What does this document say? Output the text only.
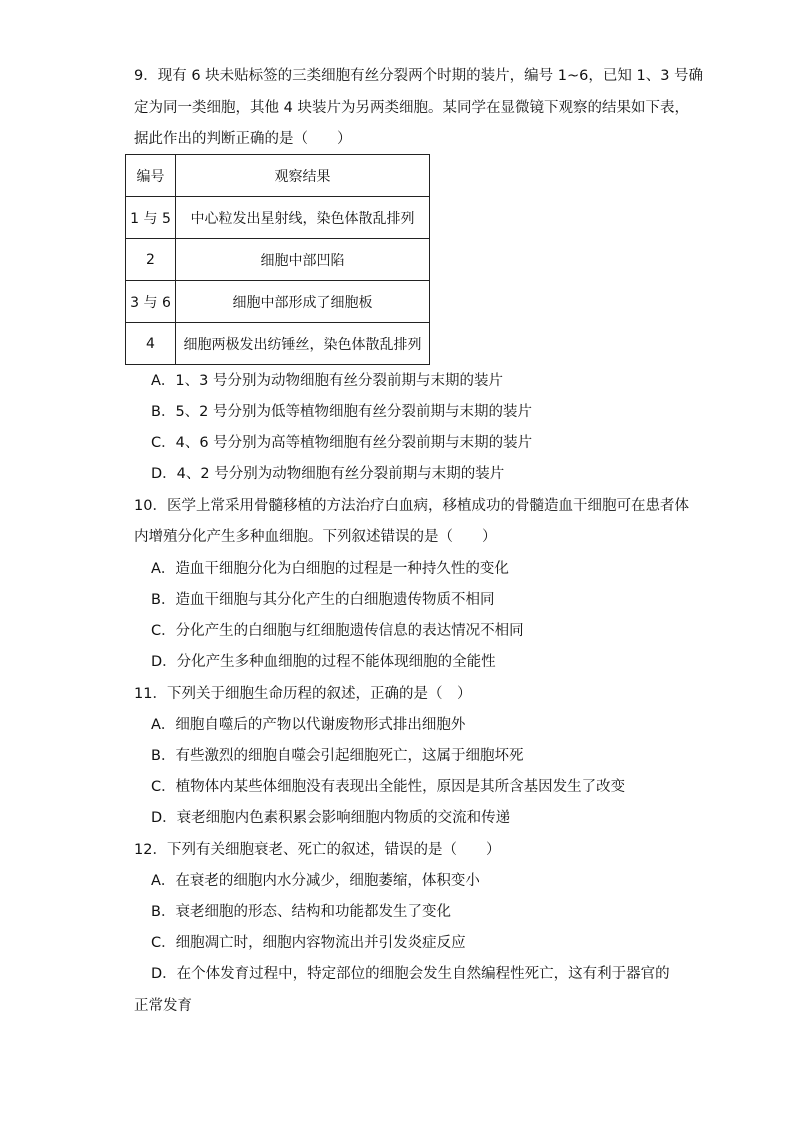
9．现有 6 块未贴标签的三类细胞有丝分裂两个时期的装片，编号 1~6，已知 1、3 号确
定为同一类细胞，其他 4 块装片为另两类细胞。某同学在显微镜下观察的结果如下表，
据此作出的判断正确的是（　　）
编号	观察结果
1 与 5	中心粒发出星射线，染色体散乱排列
2	细胞中部凹陷
3 与 6	细胞中部形成了细胞板
4	细胞两极发出纺锤丝，染色体散乱排列
A．1、3 号分别为动物细胞有丝分裂前期与末期的装片
B．5、2 号分别为低等植物细胞有丝分裂前期与末期的装片
C．4、6 号分别为高等植物细胞有丝分裂前期与末期的装片
D．4、2 号分别为动物细胞有丝分裂前期与末期的装片
10．医学上常采用骨髓移植的方法治疗白血病，移植成功的骨髓造血干细胞可在患者体
内增殖分化产生多种血细胞。下列叙述错误的是（　　）
A．造血干细胞分化为白细胞的过程是一种持久性的变化
B．造血干细胞与其分化产生的白细胞遗传物质不相同
C．分化产生的白细胞与红细胞遗传信息的表达情况不相同
D．分化产生多种血细胞的过程不能体现细胞的全能性
11．下列关于细胞生命历程的叙述，正确的是（　）
A．细胞自噬后的产物以代谢废物形式排出细胞外
B．有些激烈的细胞自噬会引起细胞死亡，这属于细胞坏死
C．植物体内某些体细胞没有表现出全能性，原因是其所含基因发生了改变
D．衰老细胞内色素积累会影响细胞内物质的交流和传递
12．下列有关细胞衰老、死亡的叙述，错误的是（　　）
A．在衰老的细胞内水分减少，细胞萎缩，体积变小
B．衰老细胞的形态、结构和功能都发生了变化
C．细胞凋亡时，细胞内容物流出并引发炎症反应
D．在个体发育过程中，特定部位的细胞会发生自然编程性死亡，这有利于器官的
正常发育
